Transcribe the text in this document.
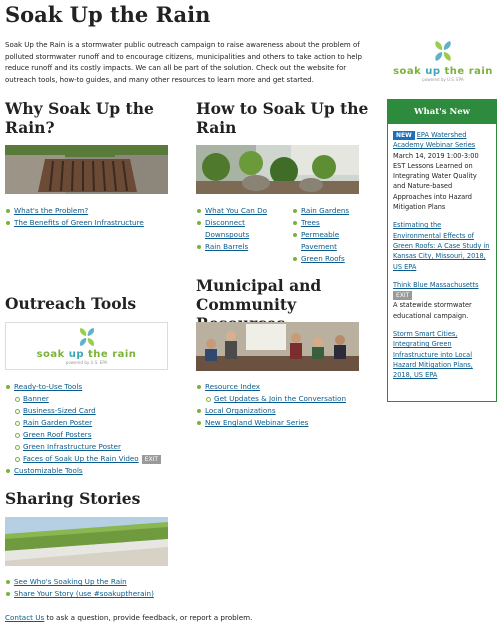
Soak Up the Rain

Soak Up the Rain is a stormwater public outreach campaign to raise awareness about the problem of polluted stormwater runoff and to encourage citizens, municipalities and others to take action to help reduce runoff and its costly impacts. We can all be part of the solution. Check out the website for outreach tools, how-to guides, and many other resources to learn more and get started.

soak up the rain
powered by U.S. EPA
Why Soak Up the Rain?
What's the Problem?
The Benefits of Green Infrastructure
How to Soak Up the Rain
What You Can Do
Disconnect Downspouts
Rain Barrels
Rain Gardens
Trees
Permeable Pavement
Green Roofs
Municipal and Community
Resource Index
Get Updates & Join the Conversation
Local Organizations
New England Webinar Series
Outreach Tools
soak up the rain
powered by U.S. EPA
Ready-to-Use Tools
Banner
Business-Sized Card
Rain Garden Poster
Green Roof Posters
Green Infrastructure Poster
Faces of Soak Up the Rain Video EXIT
Customizable Tools
Sharing Stories
See Who's Soaking Up the Rain
Share Your Story (use #soakuptherain)
What's New
NEW EPA Watershed Academy Webinar Series
March 14, 2019 1:00-3:00 EST Lessons Learned on Integrating Water Quality and Nature-based Approaches into Hazard Mitigation Plans
Estimating the Environmental Effects of Green Roofs: A Case Study in Kansas City, Missouri, 2018, US EPA
Think Blue Massachusetts
EXIT
A statewide stormwater educational campaign.
Storm Smart Cities, Integrating Green Infrastructure into Local Hazard Mitigation Plans, 2018, US EPA

Contact Us to ask a question, provide feedback, or report a problem.
